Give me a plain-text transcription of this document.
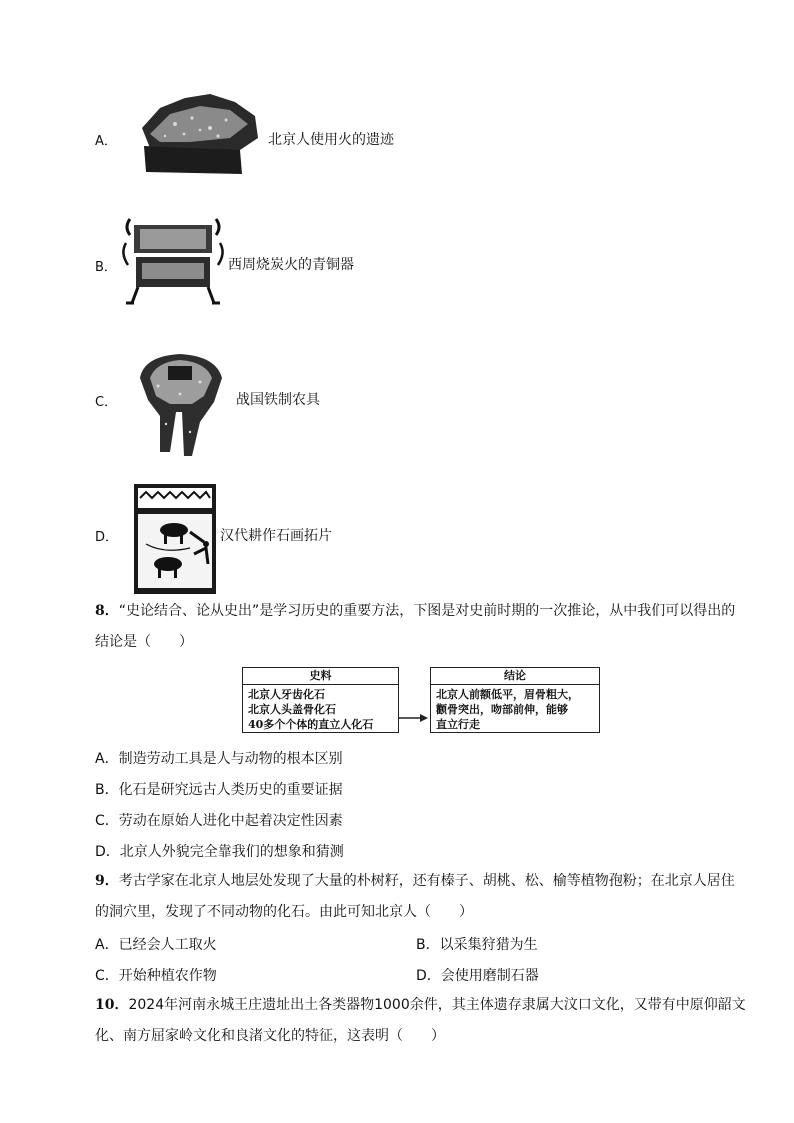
A．	北京人使用火的遗迹
B．	西周烧炭火的青铜器
C．	战国铁制农具
D．	汉代耕作石画拓片
8．“史论结合、论从史出”是学习历史的重要方法，下图是对史前时期的一次推论，从中我们可以得出的
结论是（　　）
史料
北京人牙齿化石
北京人头盖骨化石
40多个个体的直立人化石
结论
北京人前额低平，眉骨粗大，
颧骨突出，吻部前伸，能够
直立行走
A．制造劳动工具是人与动物的根本区别
B．化石是研究远古人类历史的重要证据
C．劳动在原始人进化中起着决定性因素
D．北京人外貌完全靠我们的想象和猜测
9．考古学家在北京人地层处发现了大量的朴树籽，还有榛子、胡桃、松、榆等植物孢粉；在北京人居住
的洞穴里，发现了不同动物的化石。由此可知北京人（　　）
A．已经会人工取火	B．以采集狩猎为生
C．开始种植农作物	D．会使用磨制石器
10．2024年河南永城王庄遗址出土各类器物1000余件，其主体遗存隶属大汶口文化，又带有中原仰韶文
化、南方屈家岭文化和良渚文化的特征，这表明（　　）
